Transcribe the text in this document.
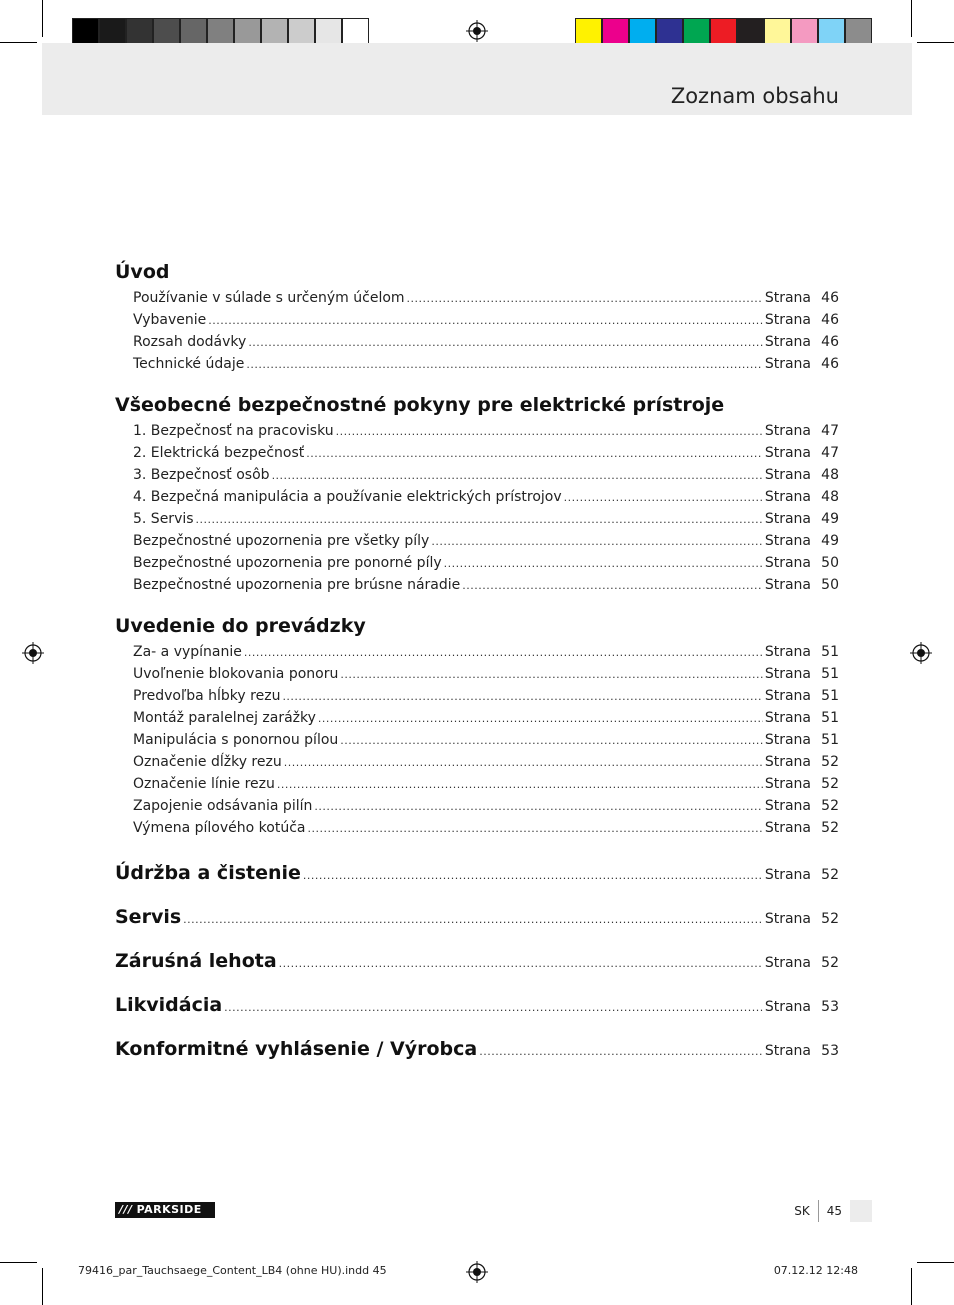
Zoznam obsahu
Úvod
Používanie v súlade s určeným účelom .....	Strana 46
Vybavenie .....	Strana 46
Rozsah dodávky .....	Strana 46
Technické údaje .....	Strana 46
Všeobecné bezpečnostné pokyny pre elektrické prístroje
1. Bezpečnosť na pracovisku .....	Strana 47
2. Elektrická bezpečnosť .....	Strana 47
3. Bezpečnosť osôb .....	Strana 48
4. Bezpečná manipulácia a používanie elektrických prístrojov .....	Strana 48
5. Servis .....	Strana 49
Bezpečnostné upozornenia pre všetky píly .....	Strana 49
Bezpečnostné upozornenia pre ponorné píly .....	Strana 50
Bezpečnostné upozornenia pre brúsne náradie .....	Strana 50
Uvedenie do prevádzky
Za- a vypínanie .....	Strana 51
Uvoľnenie blokovania ponoru .....	Strana 51
Predvoľba hĺbky rezu .....	Strana 51
Montáž paralelnej zarážky .....	Strana 51
Manipulácia s ponornou pílou .....	Strana 51
Označenie dĺžky rezu .....	Strana 52
Označenie línie rezu .....	Strana 52
Zapojenie odsávania pilín .....	Strana 52
Výmena pílového kotúča .....	Strana 52
Údržba a čistenie .....	Strana 52
Servis .....	Strana 52
Záruśná lehota .....	Strana 52
Likvidácia .....	Strana 53
Konformitné vyhlásenie / Výrobca .....	Strana 53
/// PARKSIDE	SK	45
79416_par_Tauchsaege_Content_LB4 (ohne HU).indd 45	07.12.12 12:48
